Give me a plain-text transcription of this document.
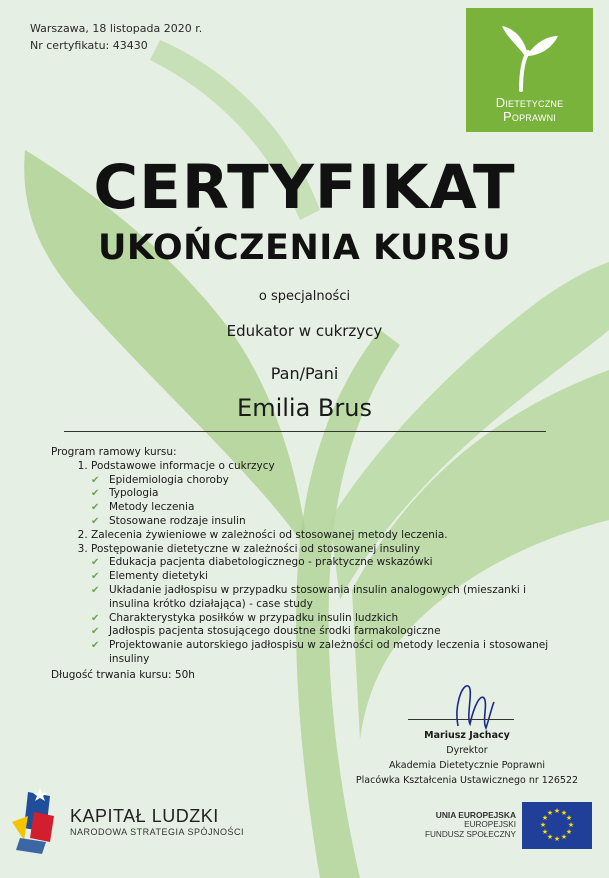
Warszawa, 18 listopada 2020 r.
Nr certyfikatu: 43430
Dietetyczne
Poprawni
CERTYFIKAT
UKOŃCZENIA KURSU
o specjalności
Edukator w cukrzycy
Pan/Pani
Emilia Brus
Program ramowy kursu:
1. Podstawowe informacje o cukrzycy
✔ Epidemiologia choroby
✔ Typologia
✔ Metody leczenia
✔ Stosowane rodzaje insulin
2. Zalecenia żywieniowe w zależności od stosowanej metody leczenia.
3. Postępowanie dietetyczne w zależności od stosowanej insuliny
✔ Edukacja pacjenta diabetologicznego - praktyczne wskazówki
✔ Elementy dietetyki
✔ Układanie jadłospisu w przypadku stosowania insulin analogowych (mieszanki i insulina krótko działająca) - case study
✔ Charakterystyka posiłków w przypadku insulin ludzkich
✔ Jadłospis pacjenta stosującego doustne środki farmakologiczne
✔ Projektowanie autorskiego jadłospisu w zależności od metody leczenia i stosowanej insuliny
Długość trwania kursu: 50h
Mariusz Jachacy
Dyrektor
Akademia Dietetycznie Poprawni
Placówka Kształcenia Ustawicznego nr 126522
KAPITAŁ LUDZKI
NARODOWA STRATEGIA SPÓJNOŚCI
UNIA EUROPEJSKA
EUROPEJSKI
FUNDUSZ SPOŁECZNY
★ ★
★
★
★
★
★
★
★
★
★
★
